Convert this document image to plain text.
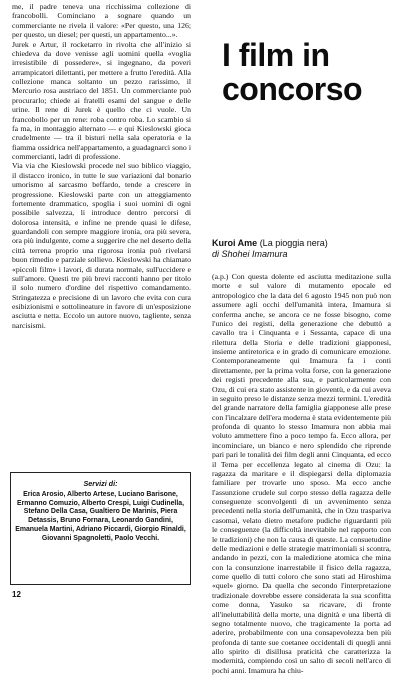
me, il padre teneva una ricchissima collezione di francobolli. Cominciano a sognare quando un commerciante ne rivela il valore: «Per questo, una 126; per questo, un diesel; per questi, un appartamento...».

Jurek e Artur, il rocketarro in rivolta che all'inizio si chiedeva da dove venisse agli uomini quella «voglia irresistibile di possedere», si ingegnano, da poveri arrampicatori dilettanti, per mettere a frutto l'eredità. Alla collezione manca soltanto un pezzo rarissimo, il Mercurio rosa austriaco del 1851. Un commerciante può procurarlo; chiede ai fratelli esami del sangue e delle urine. Il rene di Jurek è quello che ci vuole. Un francobollo per un rene: roba contro roba. Lo scambio si fa ma, in montaggio alternato — e qui Kieslowski gioca crudelmente — tra il bisturi nella sala operatoria e la fiamma ossidrica nell'appartamento, a guadagnarci sono i commercianti, ladri di professione.

Via via che Kieslowski procede nel suo biblico viaggio, il distacco ironico, in tutte le sue variazioni dal bonario umorismo al sarcasmo beffardo, tende a crescere in progressione. Kieslowski parte con un atteggiamento fortemente drammatico, spoglia i suoi uomini di ogni possibile salvezza, li introduce dentro percorsi di dolorosa intensità, e infine ne prende quasi le difese, guardandoli con sempre maggiore ironia, ora più severa, ora più indulgente, come a suggerire che nel deserto della città terrena proprio una rigorosa ironia può rivelarsi buon rimedio e parziale sollievo. Kieslowski ha chiamato «piccoli film» i lavori, di durata normale, sull'uccidere e sull'amore. Questi tre più brevi racconti hanno per titolo il solo numero d'ordine del rispettivo comandamento. Stringatezza e precisione di un lavoro che evita con cura esibizionismi e sottolineature in favore di un'esposizione asciutta e netta. Eccolo un autore nuovo, tagliente, senza narcisismi.

I film in concorso
Kuroi Ame (La pioggia nera)
di Shohei Imamura

(a.p.) Con questa dolente ed asciutta meditazione sulla morte e sul valore di mutamento epocale ed antropologico che la data del 6 agosto 1945 non può non assumere agli occhi dell'umanità intera, Imamura si conferma anche, se ancora ce ne fosse bisogno, come l'unico dei registi, della generazione che debuttò a cavallo tra i Cinquanta e i Sessanta, capace di una rilettura della Storia e delle tradizioni giapponesi, insieme antiretorica e in grado di comunicare emozione. Contemporaneamente qui Imamura fa i conti direttamente, per la prima volta forse, con la generazione dei registi precedente alla sua, e particolarmente con Ozu, di cui era stato assistente in gioventù, e da cui aveva in seguito preso le distanze senza mezzi termini. L'eredità del grande narratore della famiglia giapponese alle prese con l'incalzare dell'era moderna è stata evidentemente più profonda di quanto lo stesso Imamura non abbia mai voluto ammettere fino a poco tempo fa. Ecco allora, per incominciare, un bianco e nero splendido che riprende pari pari le tonalità dei film degli anni Cinquanta, ed ecco il Tema per eccellenza legato al cinema di Ozu: la ragazza da maritare e il dispiegarsi della diplomazia familiare per trovarle uno sposo. Ma ecco anche l'assunzione crudele sul corpo stesso della ragazza delle conseguenze sconvolgenti di un avvenimento senza precedenti nella storia dell'umanità, che in Ozu traspariva casomai, velato dietro metafore pudiche riguardanti più le conseguenze (la difficoltà inevitabile nel rapporto con le tradizioni) che non la causa di queste. La consuetudine delle mediazioni e delle strategie matrimoniali si scontra, andando in pezzi, con la maledizione atomica che mina con la consunzione inarrestabile il fisico della ragazza, come quello di tutti coloro che sono stati ad Hiroshima «quel» giorno. Da quella che secondo l'interpretazione tradizionale dovrebbe essere considerata la sua sconfitta come donna, Yasuko sa ricavare, di fronte all'ineluttabilità della morte, una dignità e una libertà di segno totalmente nuovo, che tragicamente la porta ad aderire, probabilmente con una consapevolezza ben più profonda di tante sue coetanee occidentali di quegli anni allo spirito di disillusa praticità che caratterizza la modernità, compiendo così un salto di secoli nell'arco di pochi anni. Imamura ha chiu-

Servizi di:
Erica Arosio, Alberto Artese, Luciano Barisone, Ermanno Comuzio, Alberto Crespi, Luigi Cudinella, Stefano Della Casa, Gualtiero De Marinis, Piera Detassis, Bruno Fornara, Leonardo Gandini, Emanuela Martini, Adriano Piccardi, Giorgio Rinaldi, Giovanni Spagnoletti, Paolo Vecchi.
12
